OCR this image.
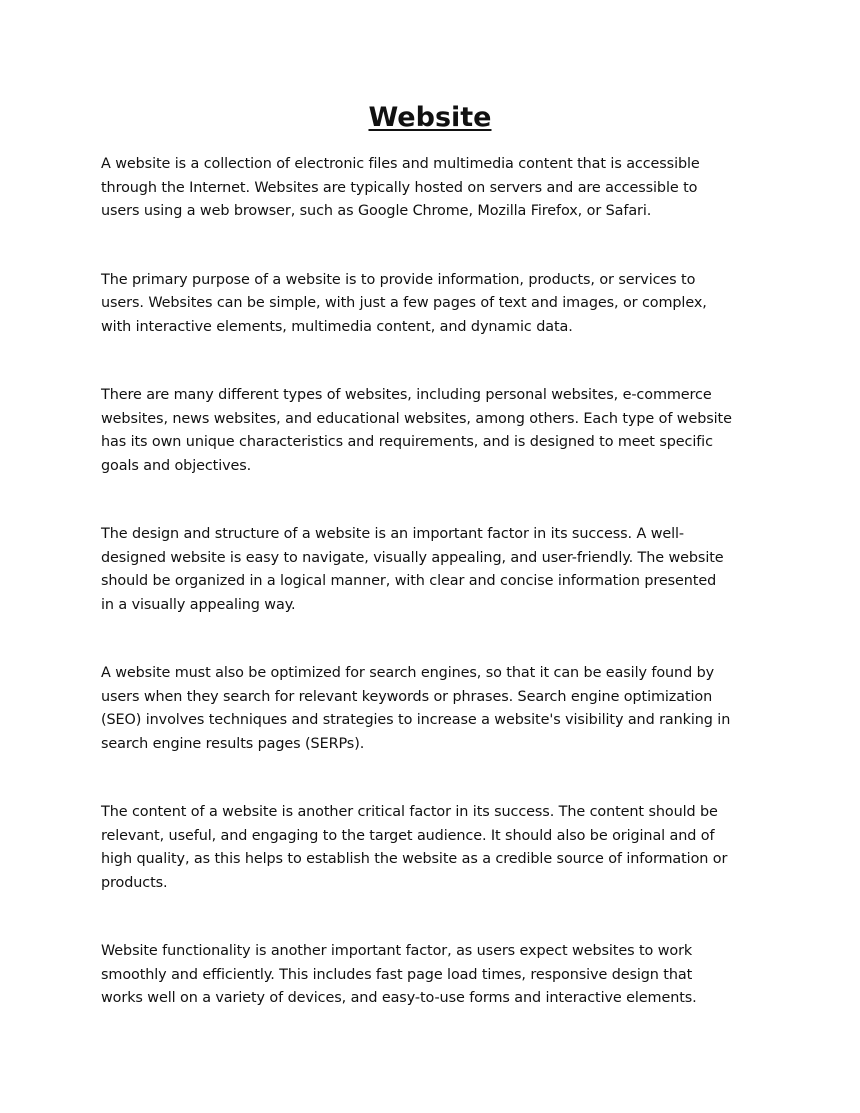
Website

A website is a collection of electronic files and multimedia content that is accessible
through the Internet. Websites are typically hosted on servers and are accessible to
users using a web browser, such as Google Chrome, Mozilla Firefox, or Safari.

The primary purpose of a website is to provide information, products, or services to
users. Websites can be simple, with just a few pages of text and images, or complex,
with interactive elements, multimedia content, and dynamic data.

There are many different types of websites, including personal websites, e-commerce
websites, news websites, and educational websites, among others. Each type of website
has its own unique characteristics and requirements, and is designed to meet specific
goals and objectives.

The design and structure of a website is an important factor in its success. A well-
designed website is easy to navigate, visually appealing, and user-friendly. The website
should be organized in a logical manner, with clear and concise information presented
in a visually appealing way.

A website must also be optimized for search engines, so that it can be easily found by
users when they search for relevant keywords or phrases. Search engine optimization
(SEO) involves techniques and strategies to increase a website's visibility and ranking in
search engine results pages (SERPs).

The content of a website is another critical factor in its success. The content should be
relevant, useful, and engaging to the target audience. It should also be original and of
high quality, as this helps to establish the website as a credible source of information or
products.

Website functionality is another important factor, as users expect websites to work
smoothly and efficiently. This includes fast page load times, responsive design that
works well on a variety of devices, and easy-to-use forms and interactive elements.
